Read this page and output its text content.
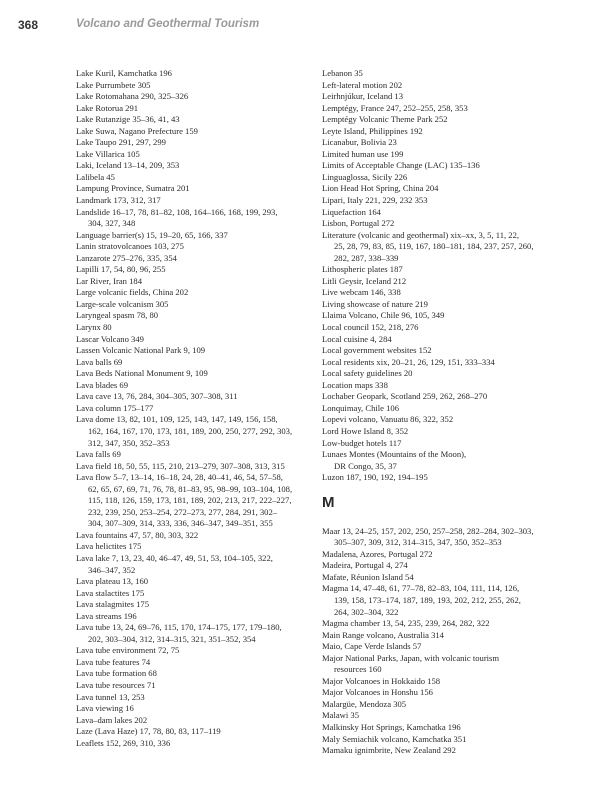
368	Volcano and Geothermal Tourism
Lake Kuril, Kamchatka 196
Lake Purrumbete 305
Lake Rotomahana 290, 325–326
Lake Rotorua 291
Lake Rutanzige 35–36, 41, 43
Lake Suwa, Nagano Prefecture 159
Lake Taupo 291, 297, 299
Lake Villarica 105
Laki, Iceland 13–14, 209, 353
Lalibela 45
Lampung Province, Sumatra 201
Landmark 173, 312, 317
Landslide 16–17, 78, 81–82, 108, 164–166, 168, 199, 293,
304, 327, 348
Language barrier(s) 15, 19–20, 65, 166, 337
Lanin stratovolcanoes 103, 275
Lanzarote 275–276, 335, 354
Lapilli 17, 54, 80, 96, 255
Lar River, Iran 184
Large volcanic fields, China 202
Large-scale volcanism 305
Laryngeal spasm 78, 80
Larynx 80
Lascar Volcano 349
Lassen Volcanic National Park 9, 109
Lava balls 69
Lava Beds National Monument 9, 109
Lava blades 69
Lava cave 13, 76, 284, 304–305, 307–308, 311
Lava column 175–177
Lava dome 13, 82, 101, 109, 125, 143, 147, 149, 156, 158,
162, 164, 167, 170, 173, 181, 189, 200, 250, 277, 292, 303,
312, 347, 350, 352–353
Lava falls 69
Lava field 18, 50, 55, 115, 210, 213–279, 307–308, 313, 315
Lava flow 5–7, 13–14, 16–18, 24, 28, 40–41, 46, 54, 57–58,
62, 65, 67, 69, 71, 76, 78, 81–83, 95, 98–99, 103–104, 108,
115, 118, 126, 159, 173, 181, 189, 202, 213, 217, 222–227,
232, 239, 250, 253–254, 272–273, 277, 284, 291, 302–
304, 307–309, 314, 333, 336, 346–347, 349–351, 355
Lava fountains 47, 57, 80, 303, 322
Lava helictites 175
Lava lake 7, 13, 23, 40, 46–47, 49, 51, 53, 104–105, 322,
346–347, 352
Lava plateau 13, 160
Lava stalactites 175
Lava stalagmites 175
Lava streams 196
Lava tube 13, 24, 69–76, 115, 170, 174–175, 177, 179–180,
202, 303–304, 312, 314–315, 321, 351–352, 354
Lava tube environment 72, 75
Lava tube features 74
Lava tube formation 68
Lava tube resources 71
Lava tunnel 13, 253
Lava viewing 16
Lava–dam lakes 202
Laze (Lava Haze) 17, 78, 80, 83, 117–119
Leaflets 152, 269, 310, 336
Lebanon 35
Left-lateral motion 202
Leirhnjúkur, Iceland 13
Lemptégy, France 247, 252–255, 258, 353
Lemptégy Volcanic Theme Park 252
Leyte Island, Philippines 192
Licanabur, Bolivia 23
Limited human use 199
Limits of Acceptable Change (LAC) 135–136
Linguaglossa, Sicily 226
Lion Head Hot Spring, China 204
Lipari, Italy 221, 229, 232 353
Liquefaction 164
Lisbon, Portugal 272
Literature (volcanic and geothermal) xix–xx, 3, 5, 11, 22,
25, 28, 79, 83, 85, 119, 167, 180–181, 184, 237, 257, 260,
282, 287, 338–339
Lithospheric plates 187
Litli Geysir, Iceland 212
Live webcam 146, 338
Living showcase of nature 219
Llaima Volcano, Chile 96, 105, 349
Local council 152, 218, 276
Local cuisine 4, 284
Local government websites 152
Local residents xix, 20–21, 26, 129, 151, 333–334
Local safety guidelines 20
Location maps 338
Lochaber Geopark, Scotland 259, 262, 268–270
Lonquimay, Chile 106
Lopevi volcano, Vanuatu 86, 322, 352
Lord Howe Island 8, 352
Low-budget hotels 117
Lunaes Montes (Mountains of the Moon),
DR Congo, 35, 37
Luzon 187, 190, 192, 194–195
M
Maar 13, 24–25, 157, 202, 250, 257–258, 282–284, 302–303,
305–307, 309, 312, 314–315, 347, 350, 352–353
Madalena, Azores, Portugal 272
Madeira, Portugal 4, 274
Mafate, Réunion Island 54
Magma 14, 47–48, 61, 77–78, 82–83, 104, 111, 114, 126,
139, 158, 173–174, 187, 189, 193, 202, 212, 255, 262,
264, 302–304, 322
Magma chamber 13, 54, 235, 239, 264, 282, 322
Main Range volcano, Australia 314
Maio, Cape Verde Islands 57
Major National Parks, Japan, with volcanic tourism
resources 160
Major Volcanoes in Hokkaido 158
Major Volcanoes in Honshu 156
Malargüe, Mendoza 305
Malawi 35
Malkinsky Hot Springs, Kamchatka 196
Maly Semiachik volcano, Kamchatka 351
Mamaku ignimbrite, New Zealand 292
